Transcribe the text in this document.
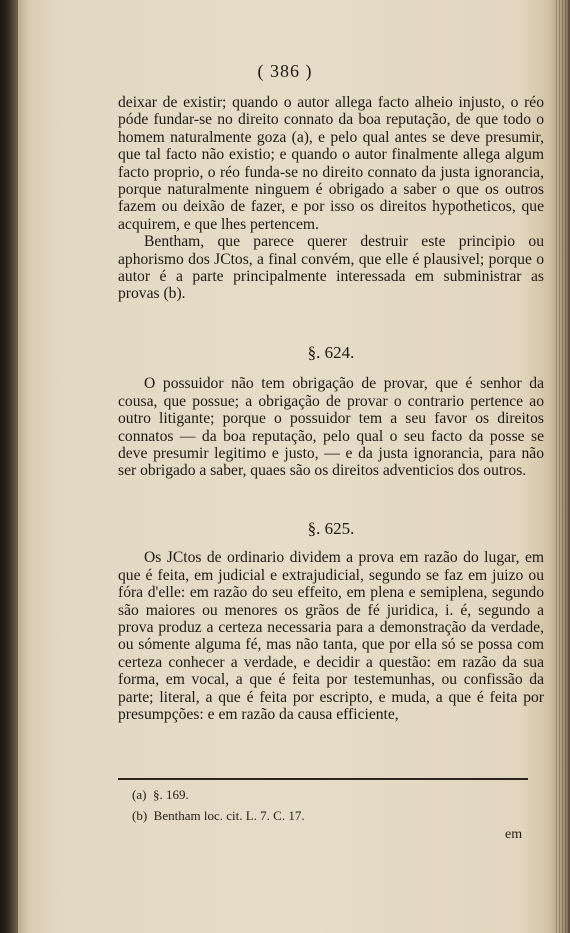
( 386 )

deixar de existir; quando o autor allega facto alheio injusto, o réo póde fundar-se no direito connato da boa reputação, de que todo o homem naturalmente goza (a), e pelo qual antes se deve presumir, que tal facto não existio; e quando o autor finalmente allega algum facto proprio, o réo funda-se no direito connato da justa ignorancia, porque naturalmente ninguem é obrigado a saber o que os outros fazem ou deixão de fazer, e por isso os direitos hypotheticos, que acquirem, e que lhes pertencem.

Bentham, que parece querer destruir este principio ou aphorismo dos JCtos, a final convém, que elle é plausivel; porque o autor é a parte principalmente interessada em subministrar as provas (b).

§. 624.

O possuidor não tem obrigação de provar, que é senhor da cousa, que possue; a obrigação de provar o contrario pertence ao outro litigante; porque o possuidor tem a seu favor os direitos connatos — da boa reputação, pelo qual o seu facto da posse se deve presumir legitimo e justo, — e da justa ignorancia, para não ser obrigado a saber, quaes são os direitos adventicios dos outros.

§. 625.

Os JCtos de ordinario dividem a prova em razão do lugar, em que é feita, em judicial e extrajudicial, segundo se faz em juizo ou fóra d'elle: em razão do seu effeito, em plena e semiplena, segundo são maiores ou menores os grãos de fé juridica, i. é, segundo a prova produz a certeza necessaria para a demonstração da verdade, ou sómente alguma fé, mas não tanta, que por ella só se possa com certeza conhecer a verdade, e decidir a questão: em razão da sua forma, em vocal, a que é feita por testemunhas, ou confissão da parte; literal, a que é feita por escripto, e muda, a que é feita por presumpções: e em razão da causa efficiente,

(a) §. 169.
(b) Bentham loc. cit. L. 7. C. 17.
em
